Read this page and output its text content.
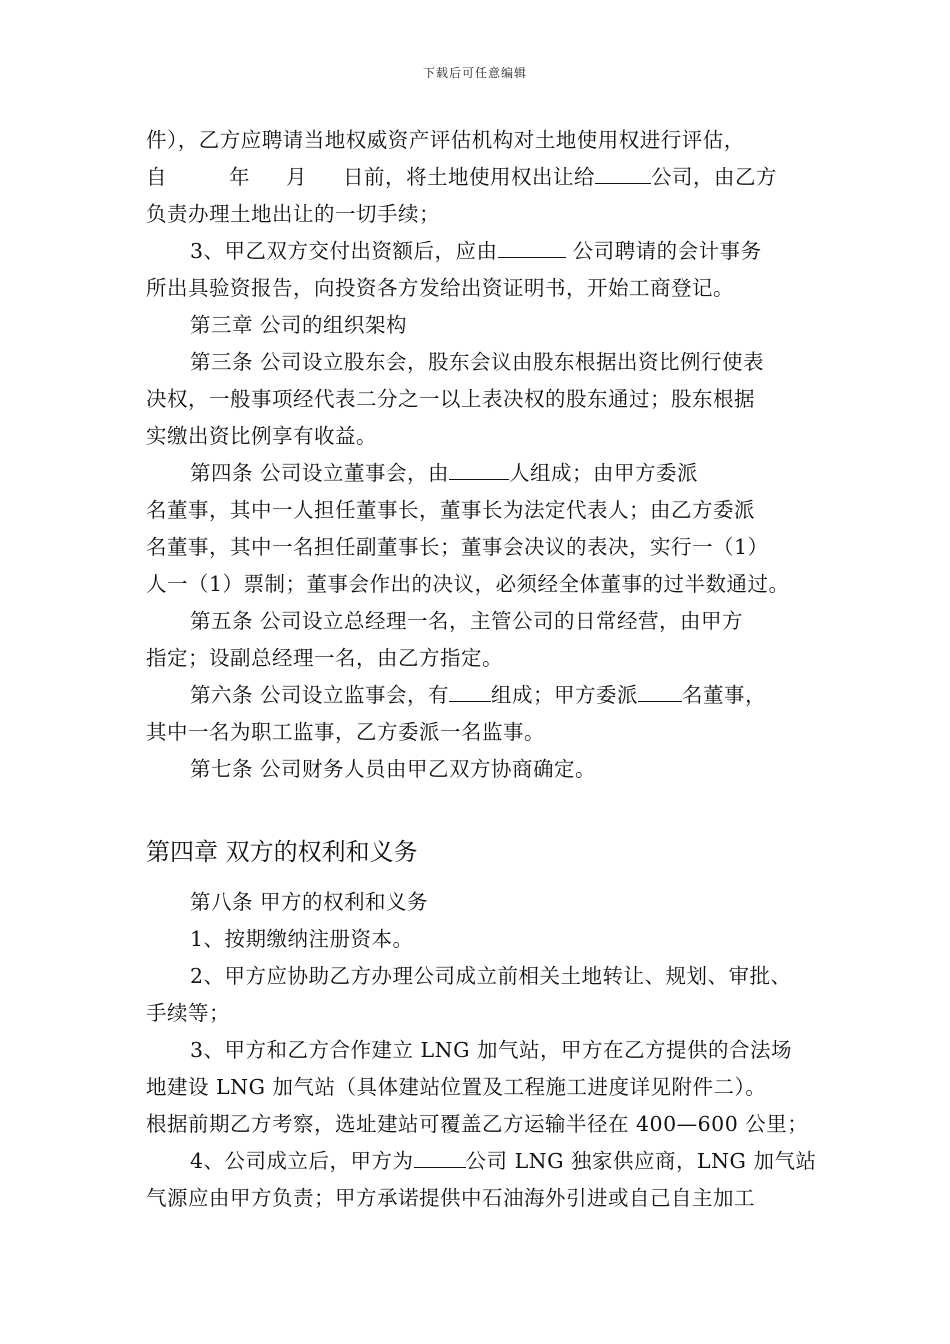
下载后可任意编辑

件），乙方应聘请当地权威资产评估机构对土地使用权进行评估，

自	年 月 日前，将土地使用权出让给	公司，由乙方

负责办理土地出让的一切手续；

3、甲乙双方交付出资额后，应由	公司聘请的会计事务

所出具验资报告，向投资各方发给出资证明书，开始工商登记。

第三章 公司的组织架构

第三条 公司设立股东会，股东会议由股东根据出资比例行使表

决权，一般事项经代表二分之一以上表决权的股东通过；股东根据

实缴出资比例享有收益。

第四条 公司设立董事会，由	人组成；由甲方委派

名董事，其中一人担任董事长，董事长为法定代表人；由乙方委派

名董事，其中一名担任副董事长；董事会决议的表决，实行一（1）

人一（1）票制；董事会作出的决议，必须经全体董事的过半数通过。

第五条 公司设立总经理一名，主管公司的日常经营，由甲方

指定；设副总经理一名，由乙方指定。

第六条 公司设立监事会，有 组成；甲方委派 名董事，

其中一名为职工监事，乙方委派一名监事。

第七条 公司财务人员由甲乙双方协商确定。

第四章 双方的权利和义务

第八条 甲方的权利和义务

1、按期缴纳注册资本。

2、甲方应协助乙方办理公司成立前相关土地转让、规划、审批、

手续等；

3、甲方和乙方合作建立 LNG 加气站，甲方在乙方提供的合法场

地建设 LNG 加气站（具体建站位置及工程施工进度详见附件二）。

根据前期乙方考察，选址建站可覆盖乙方运输半径在 400—600 公里；

4、公司成立后，甲方为	公司 LNG 独家供应商，LNG 加气站

气源应由甲方负责；甲方承诺提供中石油海外引进或自己自主加工
